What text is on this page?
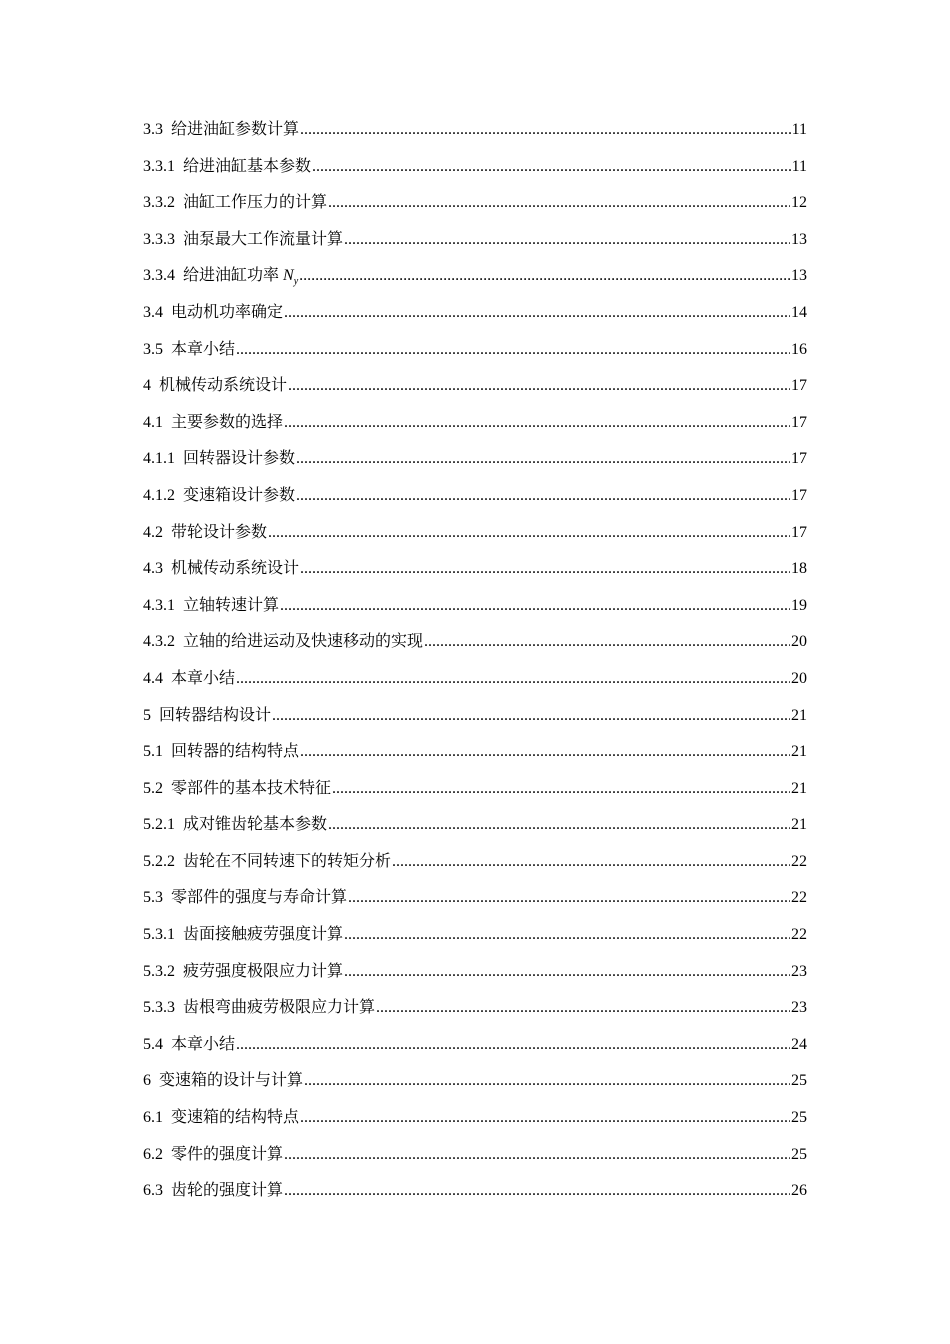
3.3 给进油缸参数计算 .....	11
3.3.1 给进油缸基本参数 .....	11
3.3.2 油缸工作压力的计算 .....	12
3.3.3 油泵最大工作流量计算 .....	13
3.3.4 给进油缸功率 $N_y$ .....	13
3.4 电动机功率确定 .....	14
3.5 本章小结 .....	16
4 机械传动系统设计 .....	17
4.1 主要参数的选择 .....	17
4.1.1 回转器设计参数 .....	17
4.1.2 变速箱设计参数 .....	17
4.2 带轮设计参数 .....	17
4.3 机械传动系统设计 .....	18
4.3.1 立轴转速计算 .....	19
4.3.2 立轴的给进运动及快速移动的实现 .....	20
4.4 本章小结 .....	20
5 回转器结构设计 .....	21
5.1 回转器的结构特点 .....	21
5.2 零部件的基本技术特征 .....	21
5.2.1 成对锥齿轮基本参数 .....	21
5.2.2 齿轮在不同转速下的转矩分析 .....	22
5.3 零部件的强度与寿命计算 .....	22
5.3.1 齿面接触疲劳强度计算 .....	22
5.3.2 疲劳强度极限应力计算 .....	23
5.3.3 齿根弯曲疲劳极限应力计算 .....	23
5.4 本章小结 .....	24
6 变速箱的设计与计算 .....	25
6.1 变速箱的结构特点 .....	25
6.2 零件的强度计算 .....	25
6.3 齿轮的强度计算 .....	26
